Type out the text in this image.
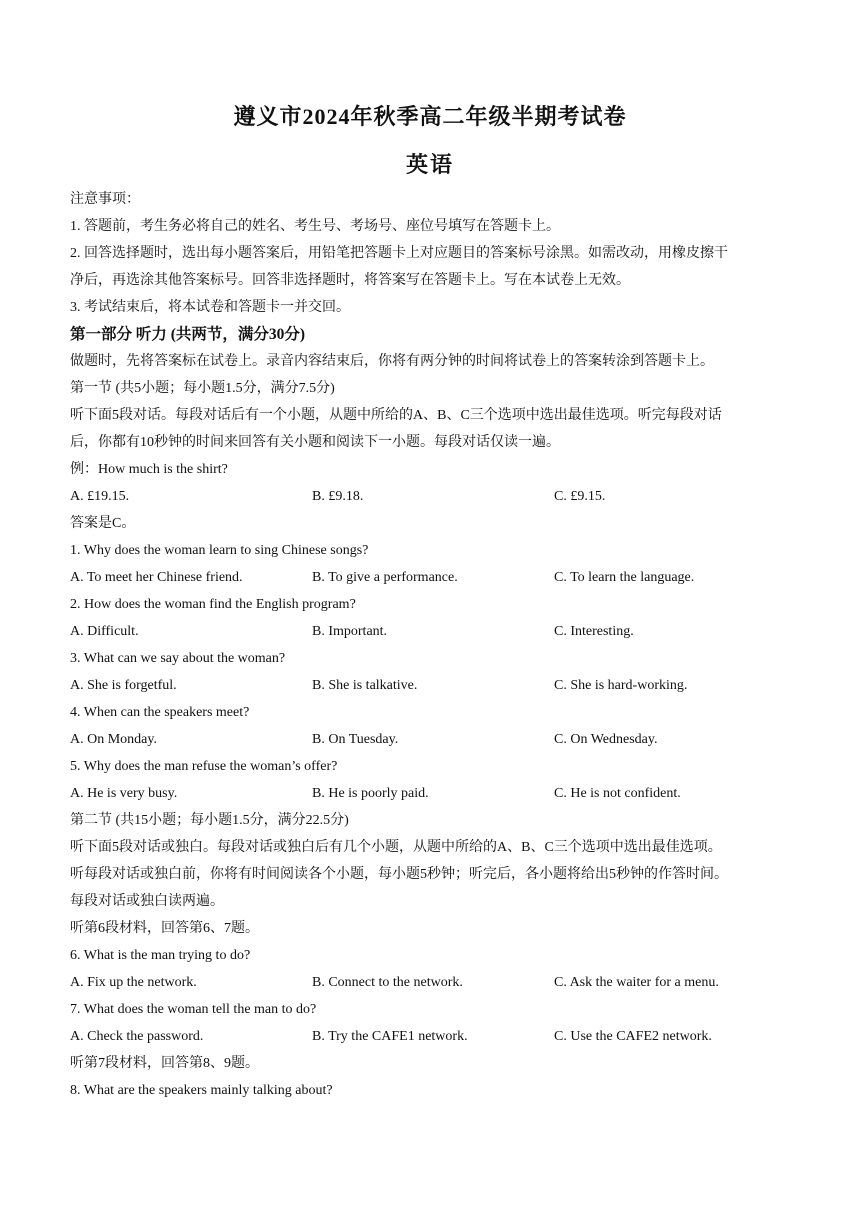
遵义市2024年秋季高二年级半期考试卷
英语
注意事项：
1. 答题前，考生务必将自己的姓名、考生号、考场号、座位号填写在答题卡上。
2. 回答选择题时，选出每小题答案后，用铅笔把答题卡上对应题目的答案标号涂黑。如需改动，用橡皮擦干
净后，再选涂其他答案标号。回答非选择题时，将答案写在答题卡上。写在本试卷上无效。
3. 考试结束后，将本试卷和答题卡一并交回。
第一部分 听力 (共两节，满分30分)
做题时，先将答案标在试卷上。录音内容结束后，你将有两分钟的时间将试卷上的答案转涂到答题卡上。
第一节 (共5小题；每小题1.5分，满分7.5分)
听下面5段对话。每段对话后有一个小题，从题中所给的A、B、C三个选项中选出最佳选项。听完每段对话
后，你都有10秒钟的时间来回答有关小题和阅读下一小题。每段对话仅读一遍。
例：How much is the shirt?
A. £19.15.	B. £9.18.	C. £9.15.
答案是C。
1. Why does the woman learn to sing Chinese songs?
A. To meet her Chinese friend.	B. To give a performance.	C. To learn the language.
2. How does the woman find the English program?
A. Difficult.	B. Important.	C. Interesting.
3. What can we say about the woman?
A. She is forgetful.	B. She is talkative.	C. She is hard-working.
4. When can the speakers meet?
A. On Monday.	B. On Tuesday.	C. On Wednesday.
5. Why does the man refuse the woman’s offer?
A. He is very busy.	B. He is poorly paid.	C. He is not confident.
第二节 (共15小题；每小题1.5分，满分22.5分)
听下面5段对话或独白。每段对话或独白后有几个小题，从题中所给的A、B、C三个选项中选出最佳选项。
听每段对话或独白前，你将有时间阅读各个小题，每小题5秒钟；听完后，各小题将给出5秒钟的作答时间。
每段对话或独白读两遍。
听第6段材料，回答第6、7题。
6. What is the man trying to do?
A. Fix up the network.	B. Connect to the network.	C. Ask the waiter for a menu.
7. What does the woman tell the man to do?
A. Check the password.	B. Try the CAFE1 network.	C. Use the CAFE2 network.
听第7段材料，回答第8、9题。
8. What are the speakers mainly talking about?
